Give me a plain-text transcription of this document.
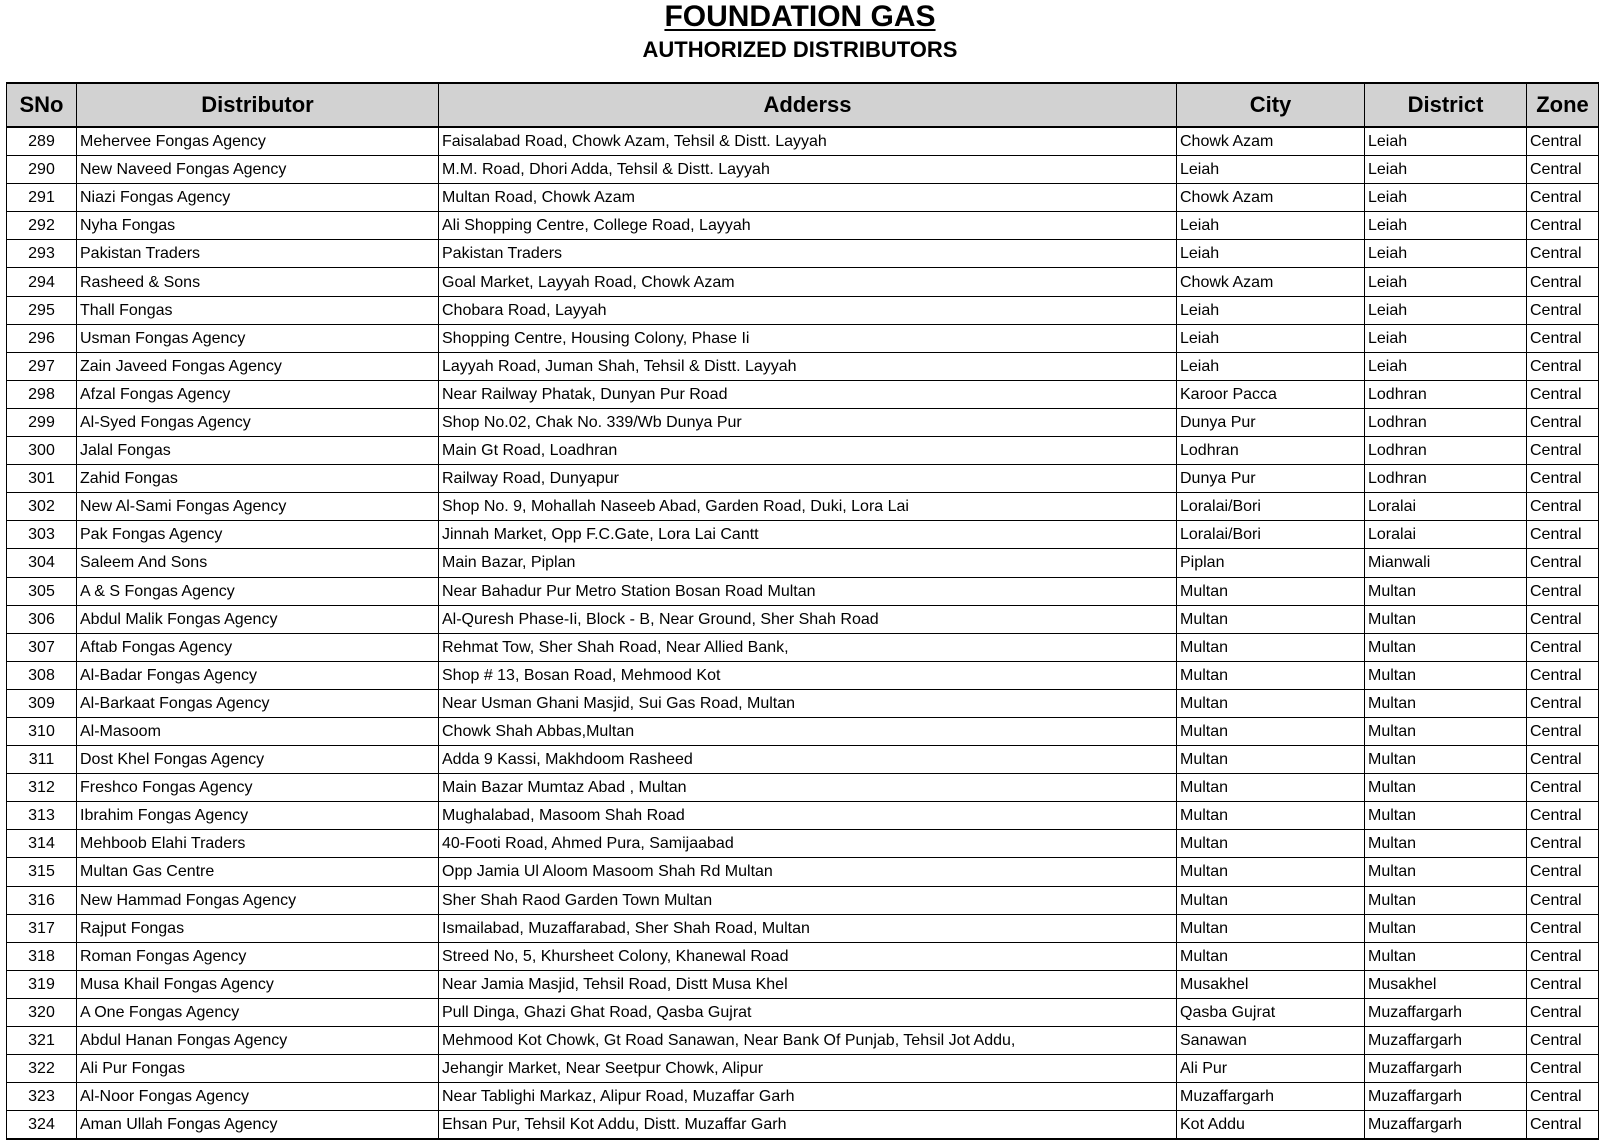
FOUNDATION GAS
AUTHORIZED DISTRIBUTORS
SNo	Distributor	Adderss	City	District	Zone
289	Mehervee Fongas Agency	Faisalabad Road, Chowk Azam, Tehsil & Distt. Layyah	Chowk Azam	Leiah	Central
290	New Naveed Fongas Agency	M.M. Road, Dhori Adda, Tehsil & Distt. Layyah	Leiah	Leiah	Central
291	Niazi Fongas Agency	Multan Road, Chowk Azam	Chowk Azam	Leiah	Central
292	Nyha Fongas	Ali Shopping Centre, College Road, Layyah	Leiah	Leiah	Central
293	Pakistan Traders	Pakistan Traders	Leiah	Leiah	Central
294	Rasheed & Sons	Goal Market, Layyah Road, Chowk Azam	Chowk Azam	Leiah	Central
295	Thall Fongas	Chobara Road, Layyah	Leiah	Leiah	Central
296	Usman Fongas Agency	Shopping Centre, Housing Colony, Phase Ii	Leiah	Leiah	Central
297	Zain Javeed Fongas Agency	Layyah Road, Juman Shah, Tehsil & Distt. Layyah	Leiah	Leiah	Central
298	Afzal Fongas Agency	Near Railway Phatak, Dunyan Pur Road	Karoor Pacca	Lodhran	Central
299	Al-Syed Fongas Agency	Shop No.02, Chak No. 339/Wb Dunya Pur	Dunya Pur	Lodhran	Central
300	Jalal Fongas	Main Gt Road, Loadhran	Lodhran	Lodhran	Central
301	Zahid Fongas	Railway Road, Dunyapur	Dunya Pur	Lodhran	Central
302	New Al-Sami Fongas Agency	Shop No. 9, Mohallah Naseeb Abad, Garden Road, Duki, Lora Lai	Loralai/Bori	Loralai	Central
303	Pak Fongas Agency	Jinnah Market, Opp F.C.Gate, Lora Lai Cantt	Loralai/Bori	Loralai	Central
304	Saleem And Sons	Main Bazar, Piplan	Piplan	Mianwali	Central
305	A & S Fongas Agency	Near Bahadur Pur Metro Station Bosan Road Multan	Multan	Multan	Central
306	Abdul Malik Fongas Agency	Al-Quresh Phase-Ii, Block - B, Near Ground, Sher Shah Road	Multan	Multan	Central
307	Aftab Fongas Agency	Rehmat Tow, Sher Shah Road, Near Allied Bank,	Multan	Multan	Central
308	Al-Badar Fongas Agency	Shop # 13, Bosan Road, Mehmood Kot	Multan	Multan	Central
309	Al-Barkaat Fongas Agency	Near Usman Ghani Masjid, Sui Gas Road, Multan	Multan	Multan	Central
310	Al-Masoom	Chowk Shah Abbas,Multan	Multan	Multan	Central
311	Dost Khel Fongas Agency	Adda 9 Kassi, Makhdoom Rasheed	Multan	Multan	Central
312	Freshco Fongas Agency	Main Bazar Mumtaz Abad , Multan	Multan	Multan	Central
313	Ibrahim Fongas Agency	Mughalabad, Masoom Shah Road	Multan	Multan	Central
314	Mehboob Elahi Traders	40-Footi Road, Ahmed Pura, Samijaabad	Multan	Multan	Central
315	Multan Gas Centre	Opp Jamia Ul Aloom Masoom Shah Rd Multan	Multan	Multan	Central
316	New Hammad Fongas Agency	Sher Shah Raod Garden Town Multan	Multan	Multan	Central
317	Rajput Fongas	Ismailabad, Muzaffarabad, Sher Shah Road, Multan	Multan	Multan	Central
318	Roman Fongas Agency	Streed No, 5, Khursheet Colony, Khanewal Road	Multan	Multan	Central
319	Musa Khail Fongas Agency	Near Jamia Masjid, Tehsil Road, Distt Musa Khel	Musakhel	Musakhel	Central
320	A One Fongas Agency	Pull Dinga, Ghazi Ghat Road, Qasba Gujrat	Qasba Gujrat	Muzaffargarh	Central
321	Abdul Hanan Fongas Agency	Mehmood Kot Chowk, Gt Road Sanawan, Near Bank Of Punjab, Tehsil Jot Addu,	Sanawan	Muzaffargarh	Central
322	Ali Pur Fongas	Jehangir Market, Near Seetpur Chowk, Alipur	Ali Pur	Muzaffargarh	Central
323	Al-Noor Fongas Agency	Near Tablighi Markaz, Alipur Road, Muzaffar Garh	Muzaffargarh	Muzaffargarh	Central
324	Aman Ullah Fongas Agency	Ehsan Pur, Tehsil Kot Addu, Distt. Muzaffar Garh	Kot Addu	Muzaffargarh	Central
